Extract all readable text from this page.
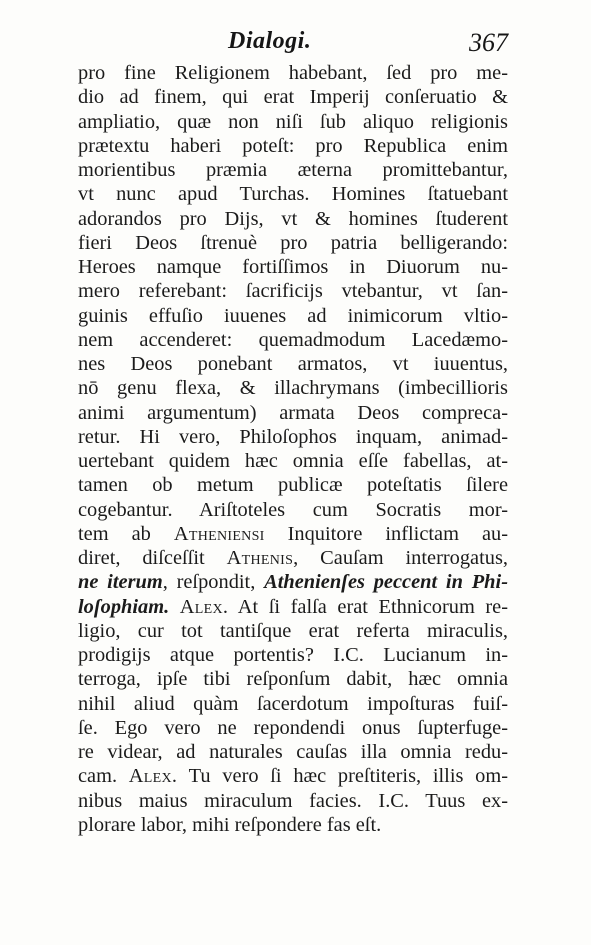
Dialogi.	367
pro fine Religionem habebant, ſed pro me-
dio ad finem, qui erat Imperij conſeruatio &
ampliatio, quæ non niſi ſub aliquo religionis
prætextu haberi poteſt: pro Republica enim
morientibus præmia æterna promittebantur,
vt nunc apud Turchas. Homines ſtatuebant
adorandos pro Dijs, vt & homines ſtuderent
fieri Deos ſtrenuè pro patria belligerando:
Heroes namque fortiſſimos in Diuorum nu-
mero referebant: ſacrificijs vtebantur, vt ſan-
guinis effuſio iuuenes ad inimicorum vltio-
nem accenderet: quemadmodum Lacedæmo-
nes Deos ponebant armatos, vt iuuentus,
nō genu flexa, & illachrymans (imbecillioris
animi argumentum) armata Deos compreca-
retur. Hi vero, Philoſophos inquam, animad-
uertebant quidem hæc omnia eſſe fabellas, at-
tamen ob metum publicæ poteſtatis ſilere
cogebantur. Ariſtoteles cum Socratis mor-
tem ab Athenienſi Inquitore inflictam au-
diret, diſceſſit Athenis, Cauſam interrogatus,
ne iterum, reſpondit, Athenienſes peccent in Phi-
loſophiam. Alex. At ſi falſa erat Ethnicorum re-
ligio, cur tot tantiſque erat referta miraculis,
prodigijs atque portentis? I.C. Lucianum in-
terroga, ipſe tibi reſponſum dabit, hæc omnia
nihil aliud quàm ſacerdotum impoſturas fuiſ-
ſe. Ego vero ne repondendi onus ſupterfuge-
re videar, ad naturales cauſas illa omnia redu-
cam. Alex. Tu vero ſi hæc preſtiteris, illis om-
nibus maius miraculum facies. I.C. Tuus ex-
plorare labor, mihi reſpondere fas eſt.
